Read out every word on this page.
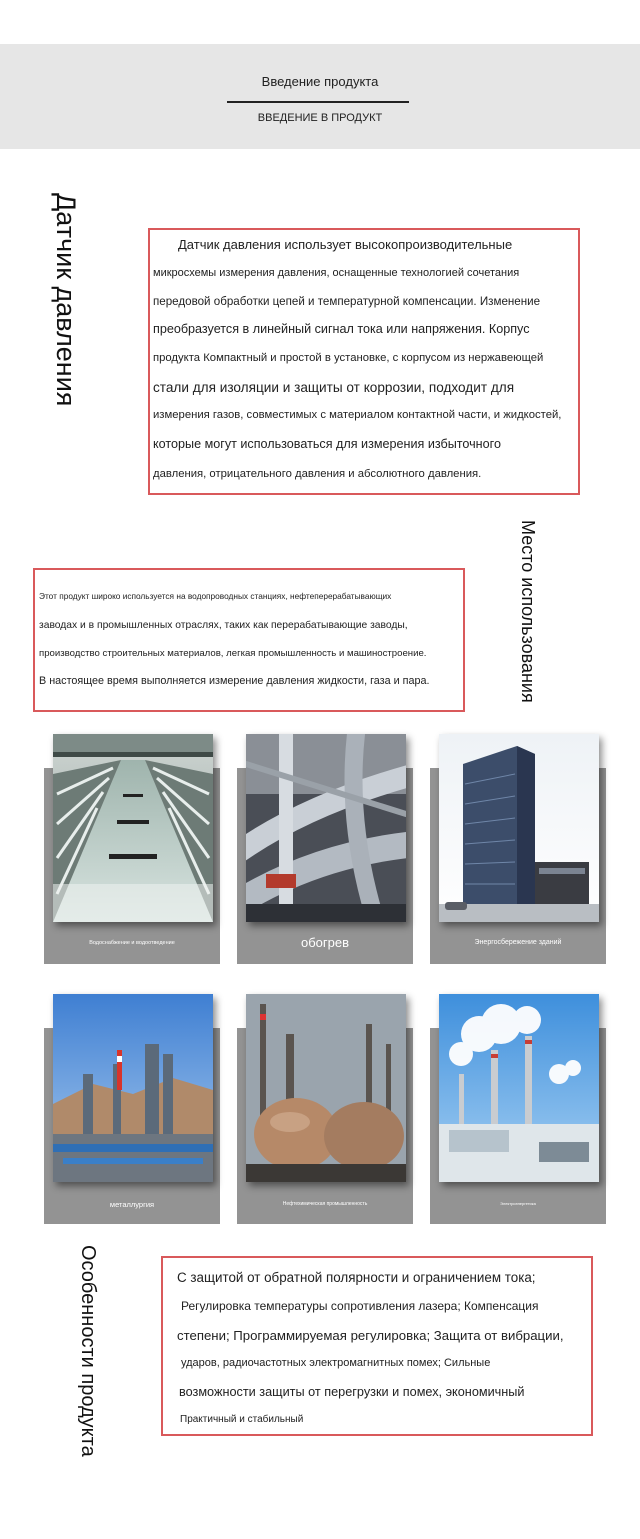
Введение продукта
ВВЕДЕНИЕ В ПРОДУКТ
Датчик давления	Датчик давления использует высокопроизводительные
микросхемы измерения давления, оснащенные технологией сочетания
передовой обработки цепей и температурной компенсации. Изменение
преобразуется в линейный сигнал тока или напряжения. Корпус
продукта Компактный и простой в установке, с корпусом из нержавеющей
стали для изоляции и защиты от коррозии, подходит для
измерения газов, совместимых с материалом контактной части, и жидкостей,
которые могут использоваться для измерения избыточного
давления, отрицательного давления и абсолютного давления.
Место использования
Этот продукт широко используется на водопроводных станциях, нефтеперерабатывающих
заводах и в промышленных отраслях, таких как перерабатывающие заводы,
производство строительных материалов, легкая промышленность и машиностроение.
В настоящее время выполняется измерение давления жидкости, газа и пара.
Водоснабжение и водоотведение	обогрев	Энергосбережение зданий
металлургия	Нефтехимическая промышленность	Электроэнергетика
Особенности продукта	С защитой от обратной полярности и ограничением тока;
Регулировка температуры сопротивления лазера; Компенсация
степени; Программируемая регулировка; Защита от вибрации,
ударов, радиочастотных электромагнитных помех; Сильные
возможности защиты от перегрузки и помех, экономичный
Практичный и стабильный
